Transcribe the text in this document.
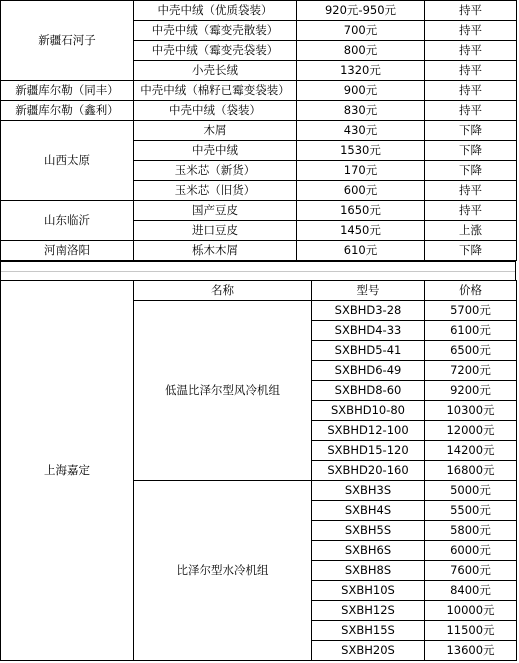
新疆石河子	中壳中绒（优质袋装）	920元-950元	持平
	中壳中绒（霉变壳散装）	700元	持平
	中壳中绒（霉变壳袋装）	800元	持平
	小壳长绒	1320元	持平
新疆库尔勒（同丰）	中壳中绒（棉籽已霉变袋装）	900元	持平
新疆库尔勒（鑫利）	中壳中绒（袋装）	830元	持平
山西太原	木屑	430元	下降
	中壳中绒	1530元	下降
	玉米芯（新货）	170元	下降
	玉米芯（旧货）	600元	持平
山东临沂	国产豆皮	1650元	持平
	进口豆皮	1450元	上涨
河南洛阳	栎木木屑	610元	下降
上海嘉定	名称	型号	价格
	低温比泽尔型风冷机组	SXBHD3-28	5700元
		SXBHD4-33	6100元
		SXBHD5-41	6500元
		SXBHD6-49	7200元
		SXBHD8-60	9200元
		SXBHD10-80	10300元
		SXBHD12-100	12000元
		SXBHD15-120	14200元
		SXBHD20-160	16800元
	比泽尔型水冷机组	SXBH3S	5000元
		SXBH4S	5500元
		SXBH5S	5800元
		SXBH6S	6000元
		SXBH8S	7600元
		SXBH10S	8400元
		SXBH12S	10000元
		SXBH15S	11500元
		SXBH20S	13600元
